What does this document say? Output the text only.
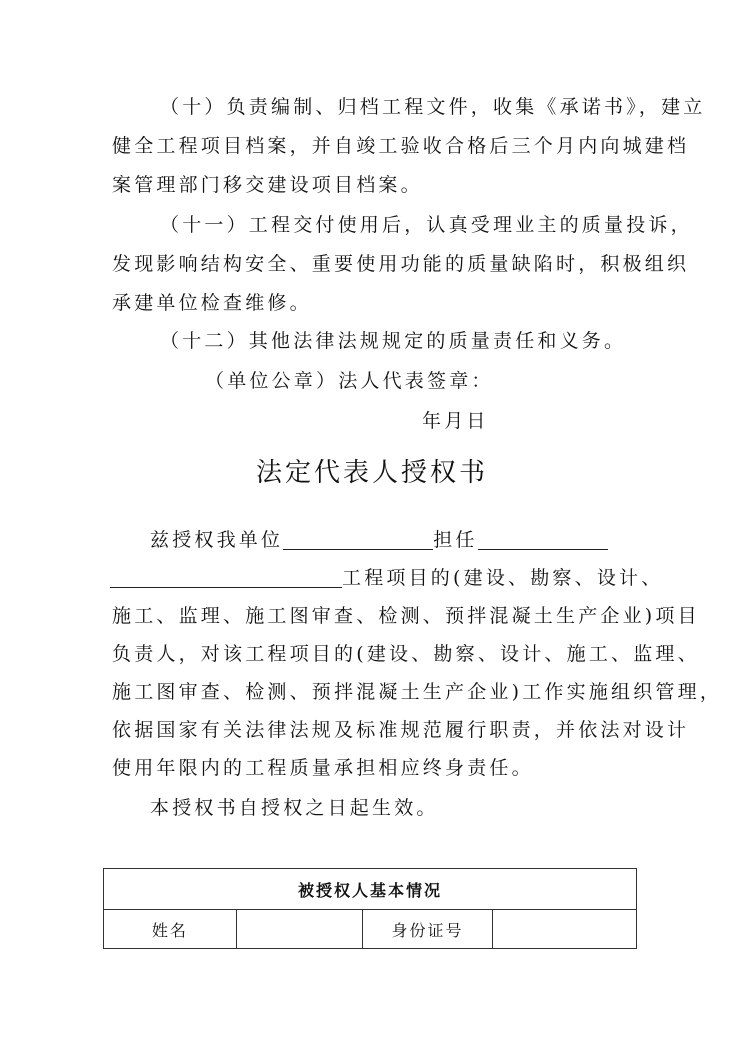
（十）负责编制、归档工程文件，收集《承诺书》，建立
健全工程项目档案，并自竣工验收合格后三个月内向城建档
案管理部门移交建设项目档案。
（十一）工程交付使用后，认真受理业主的质量投诉，
发现影响结构安全、重要使用功能的质量缺陷时，积极组织
承建单位检查维修。
（十二）其他法律法规规定的质量责任和义务。
（单位公章）法人代表签章：
年月日
法定代表人授权书
兹授权我单位	担任
工程项目的(建设、勘察、设计、
施工、监理、施工图审查、检测、预拌混凝土生产企业)项目
负责人，对该工程项目的(建设、勘察、设计、施工、监理、
施工图审查、检测、预拌混凝土生产企业)工作实施组织管理，
依据国家有关法律法规及标准规范履行职责，并依法对设计
使用年限内的工程质量承担相应终身责任。
本授权书自授权之日起生效。
被授权人基本情况
姓名		身份证号	
